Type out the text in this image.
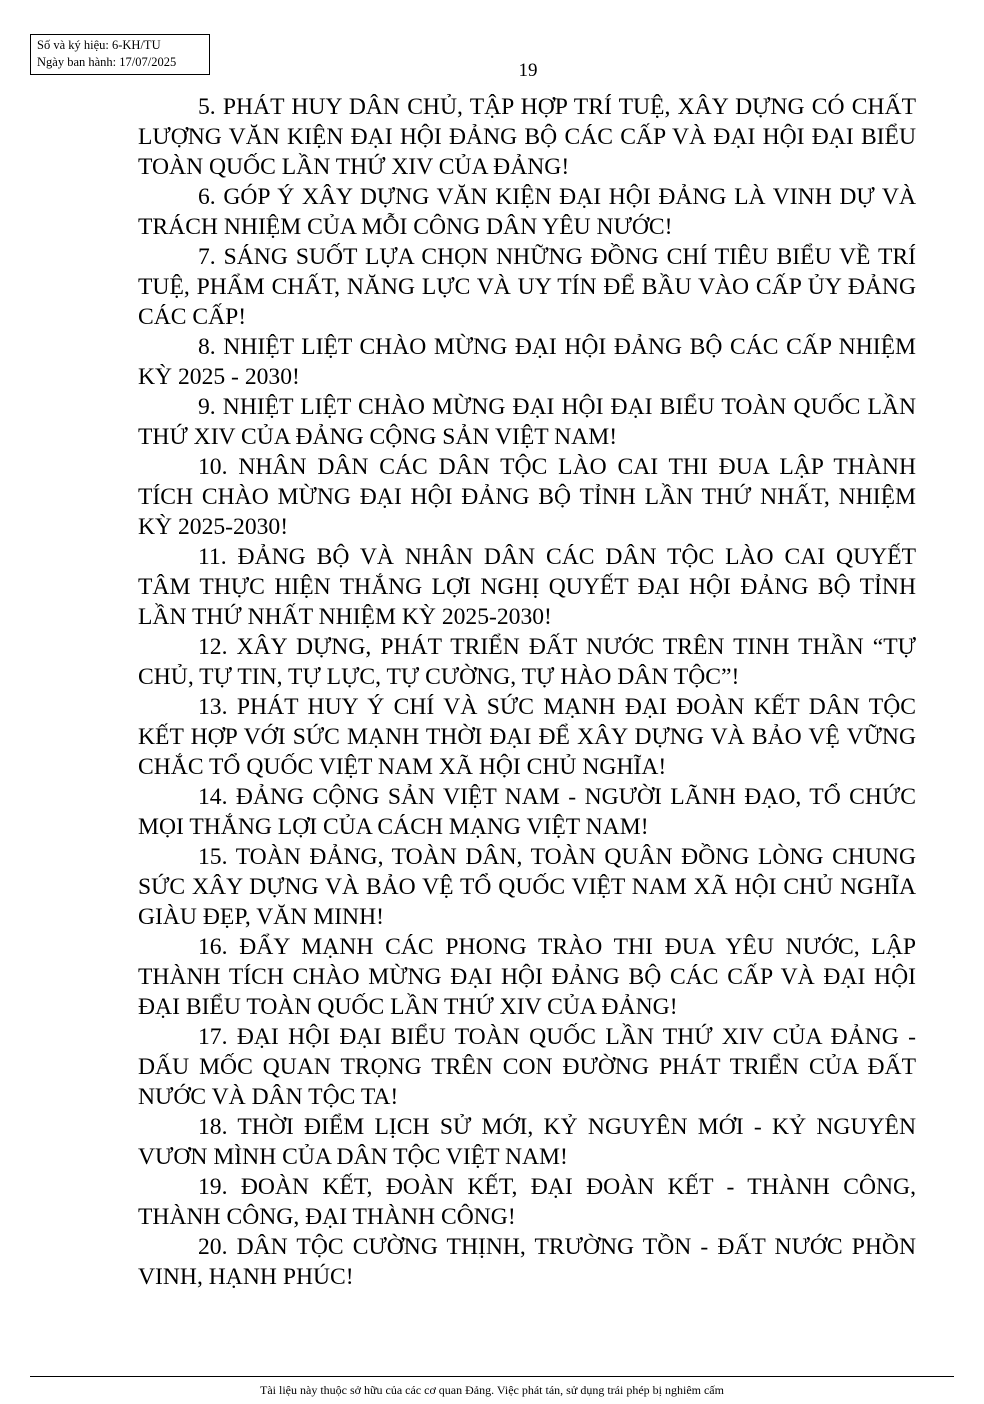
Số và ký hiệu: 6-KH/TU
Ngày ban hành: 17/07/2025	19
5. PHÁT HUY DÂN CHỦ, TẬP HỢP TRÍ TUỆ, XÂY DỰNG CÓ CHẤT LƯỢNG VĂN KIỆN ĐẠI HỘI ĐẢNG BỘ CÁC CẤP VÀ ĐẠI HỘI ĐẠI BIỂU TOÀN QUỐC LẦN THỨ XIV CỦA ĐẢNG!
6. GÓP Ý XÂY DỰNG VĂN KIỆN ĐẠI HỘI ĐẢNG LÀ VINH DỰ VÀ TRÁCH NHIỆM CỦA MỖI CÔNG DÂN YÊU NƯỚC!
7. SÁNG SUỐT LỰA CHỌN NHỮNG ĐỒNG CHÍ TIÊU BIỂU VỀ TRÍ TUỆ, PHẨM CHẤT, NĂNG LỰC VÀ UY TÍN ĐỂ BẦU VÀO CẤP ỦY ĐẢNG CÁC CẤP!
8. NHIỆT LIỆT CHÀO MỪNG ĐẠI HỘI ĐẢNG BỘ CÁC CẤP NHIỆM KỲ 2025 - 2030!
9. NHIỆT LIỆT CHÀO MỪNG ĐẠI HỘI ĐẠI BIỂU TOÀN QUỐC LẦN THỨ XIV CỦA ĐẢNG CỘNG SẢN VIỆT NAM!
10. NHÂN DÂN CÁC DÂN TỘC LÀO CAI THI ĐUA LẬP THÀNH TÍCH CHÀO MỪNG ĐẠI HỘI ĐẢNG BỘ TỈNH LẦN THỨ NHẤT, NHIỆM KỲ 2025-2030!
11. ĐẢNG BỘ VÀ NHÂN DÂN CÁC DÂN TỘC LÀO CAI QUYẾT TÂM THỰC HIỆN THẮNG LỢI NGHỊ QUYẾT ĐẠI HỘI ĐẢNG BỘ TỈNH LẦN THỨ NHẤT NHIỆM KỲ 2025-2030!
12. XÂY DỰNG, PHÁT TRIỂN ĐẤT NƯỚC TRÊN TINH THẦN “TỰ CHỦ, TỰ TIN, TỰ LỰC, TỰ CƯỜNG, TỰ HÀO DÂN TỘC”!
13. PHÁT HUY Ý CHÍ VÀ SỨC MẠNH ĐẠI ĐOÀN KẾT DÂN TỘC KẾT HỢP VỚI SỨC MẠNH THỜI ĐẠI ĐỂ XÂY DỰNG VÀ BẢO VỆ VỮNG CHẮC TỔ QUỐC VIỆT NAM XÃ HỘI CHỦ NGHĨA!
14. ĐẢNG CỘNG SẢN VIỆT NAM - NGƯỜI LÃNH ĐẠO, TỔ CHỨC MỌI THẮNG LỢI CỦA CÁCH MẠNG VIỆT NAM!
15. TOÀN ĐẢNG, TOÀN DÂN, TOÀN QUÂN ĐỒNG LÒNG CHUNG SỨC XÂY DỰNG VÀ BẢO VỆ TỔ QUỐC VIỆT NAM XÃ HỘI CHỦ NGHĨA GIÀU ĐẸP, VĂN MINH!
16. ĐẨY MẠNH CÁC PHONG TRÀO THI ĐUA YÊU NƯỚC, LẬP THÀNH TÍCH CHÀO MỪNG ĐẠI HỘI ĐẢNG BỘ CÁC CẤP VÀ ĐẠI HỘI ĐẠI BIỂU TOÀN QUỐC LẦN THỨ XIV CỦA ĐẢNG!
17. ĐẠI HỘI ĐẠI BIỂU TOÀN QUỐC LẦN THỨ XIV CỦA ĐẢNG - DẤU MỐC QUAN TRỌNG TRÊN CON ĐƯỜNG PHÁT TRIỂN CỦA ĐẤT NƯỚC VÀ DÂN TỘC TA!
18. THỜI ĐIỂM LỊCH SỬ MỚI, KỶ NGUYÊN MỚI - KỶ NGUYÊN VƯƠN MÌNH CỦA DÂN TỘC VIỆT NAM!
19. ĐOÀN KẾT, ĐOÀN KẾT, ĐẠI ĐOÀN KẾT - THÀNH CÔNG, THÀNH CÔNG, ĐẠI THÀNH CÔNG!
20. DÂN TỘC CƯỜNG THỊNH, TRƯỜNG TỒN - ĐẤT NƯỚC PHỒN VINH, HẠNH PHÚC!
Tài liệu này thuộc sở hữu của các cơ quan Đảng. Việc phát tán, sử dụng trái phép bị nghiêm cấm
